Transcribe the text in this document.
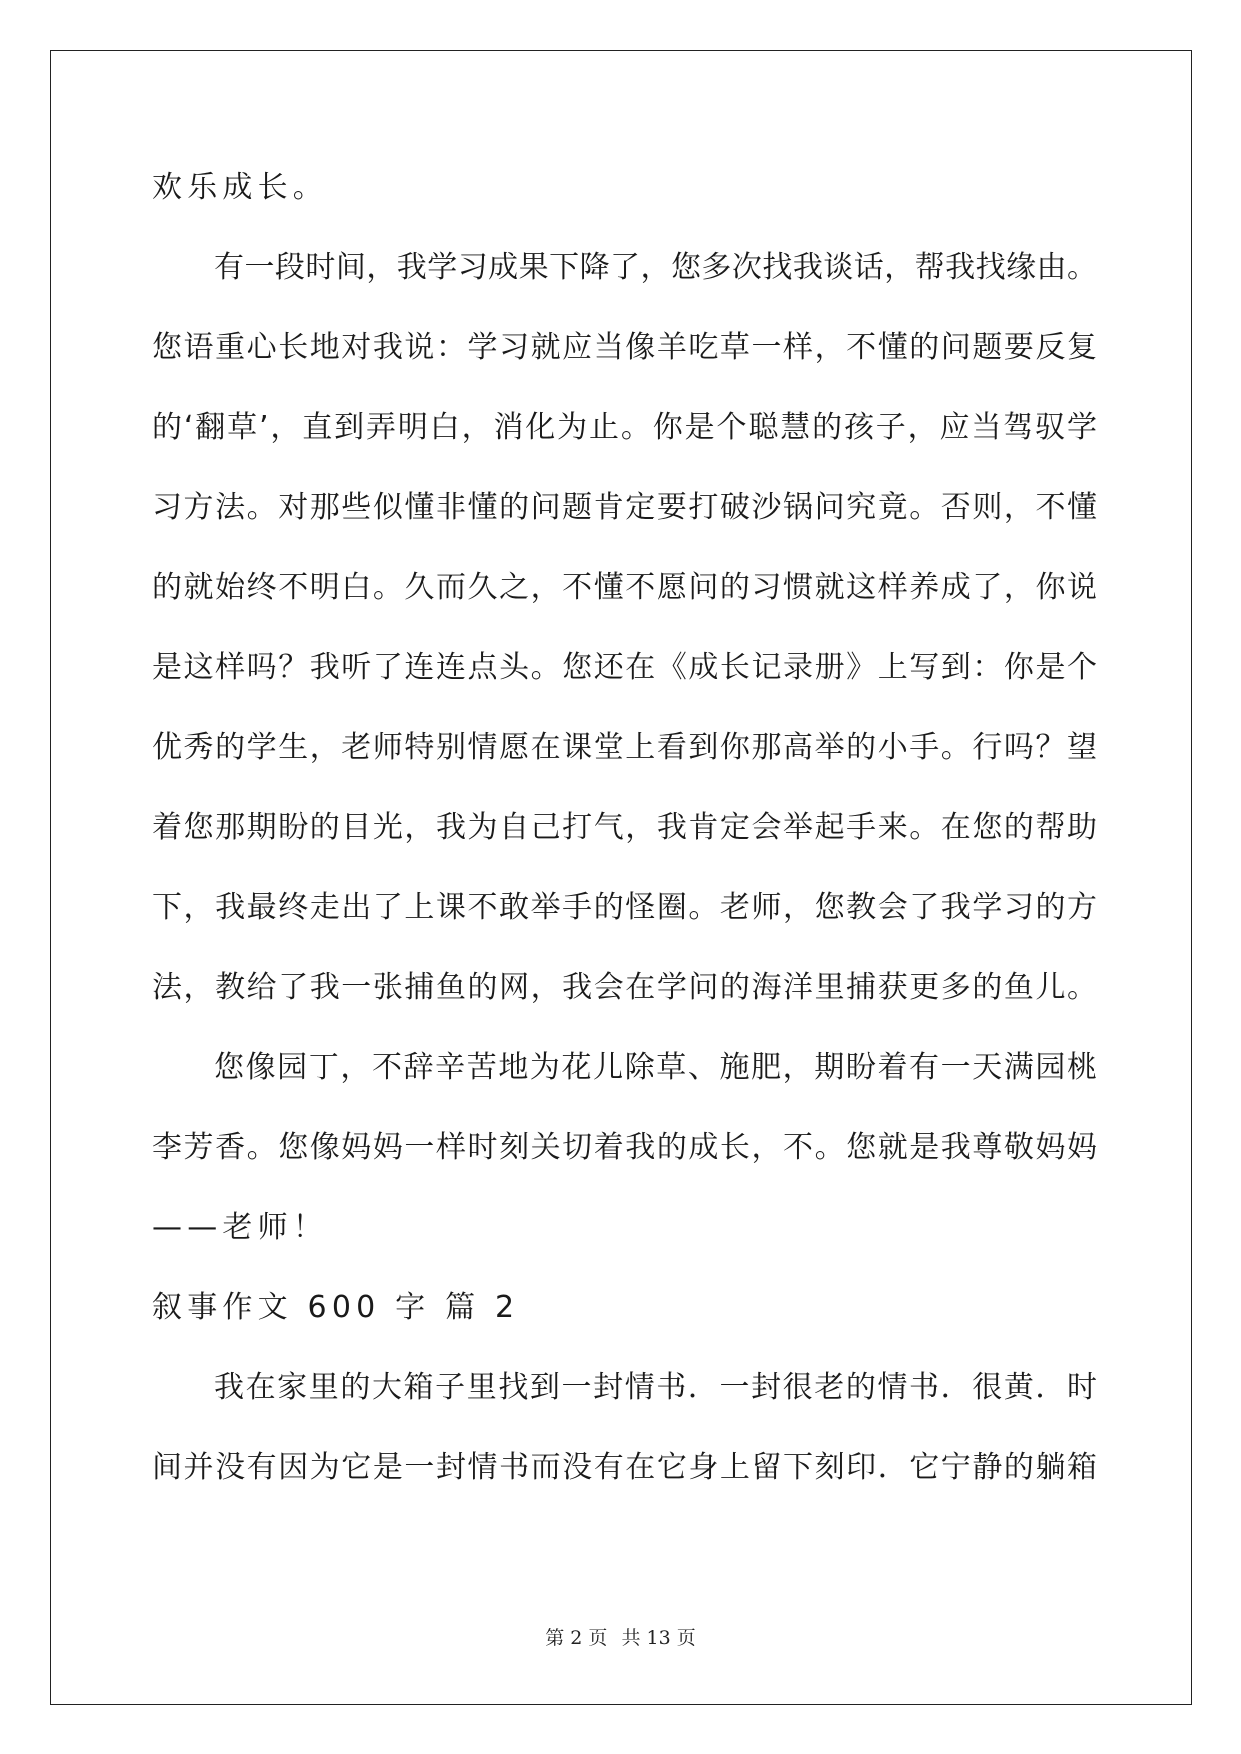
欢乐成长。
有一段时间，我学习成果下降了，您多次找我谈话，帮我找缘由。
您语重心长地对我说：学习就应当像羊吃草一样，不懂的问题要反复
的‘翻草’，直到弄明白，消化为止。你是个聪慧的孩子，应当驾驭学
习方法。对那些似懂非懂的问题肯定要打破沙锅问究竟。否则，不懂
的就始终不明白。久而久之，不懂不愿问的习惯就这样养成了，你说
是这样吗？我听了连连点头。您还在《成长记录册》上写到：你是个
优秀的学生，老师特别情愿在课堂上看到你那高举的小手。行吗？望
着您那期盼的目光，我为自己打气，我肯定会举起手来。在您的帮助
下，我最终走出了上课不敢举手的怪圈。老师，您教会了我学习的方
法，教给了我一张捕鱼的网，我会在学问的海洋里捕获更多的鱼儿。
您像园丁，不辞辛苦地为花儿除草、施肥，期盼着有一天满园桃
李芳香。您像妈妈一样时刻关切着我的成长，不。您就是我尊敬妈妈
——老师！
叙事作文 600 字 篇 2
我在家里的大箱子里找到一封情书．一封很老的情书．很黄．时
间并没有因为它是一封情书而没有在它身上留下刻印．它宁静的躺箱
第 2 页 共 13 页
